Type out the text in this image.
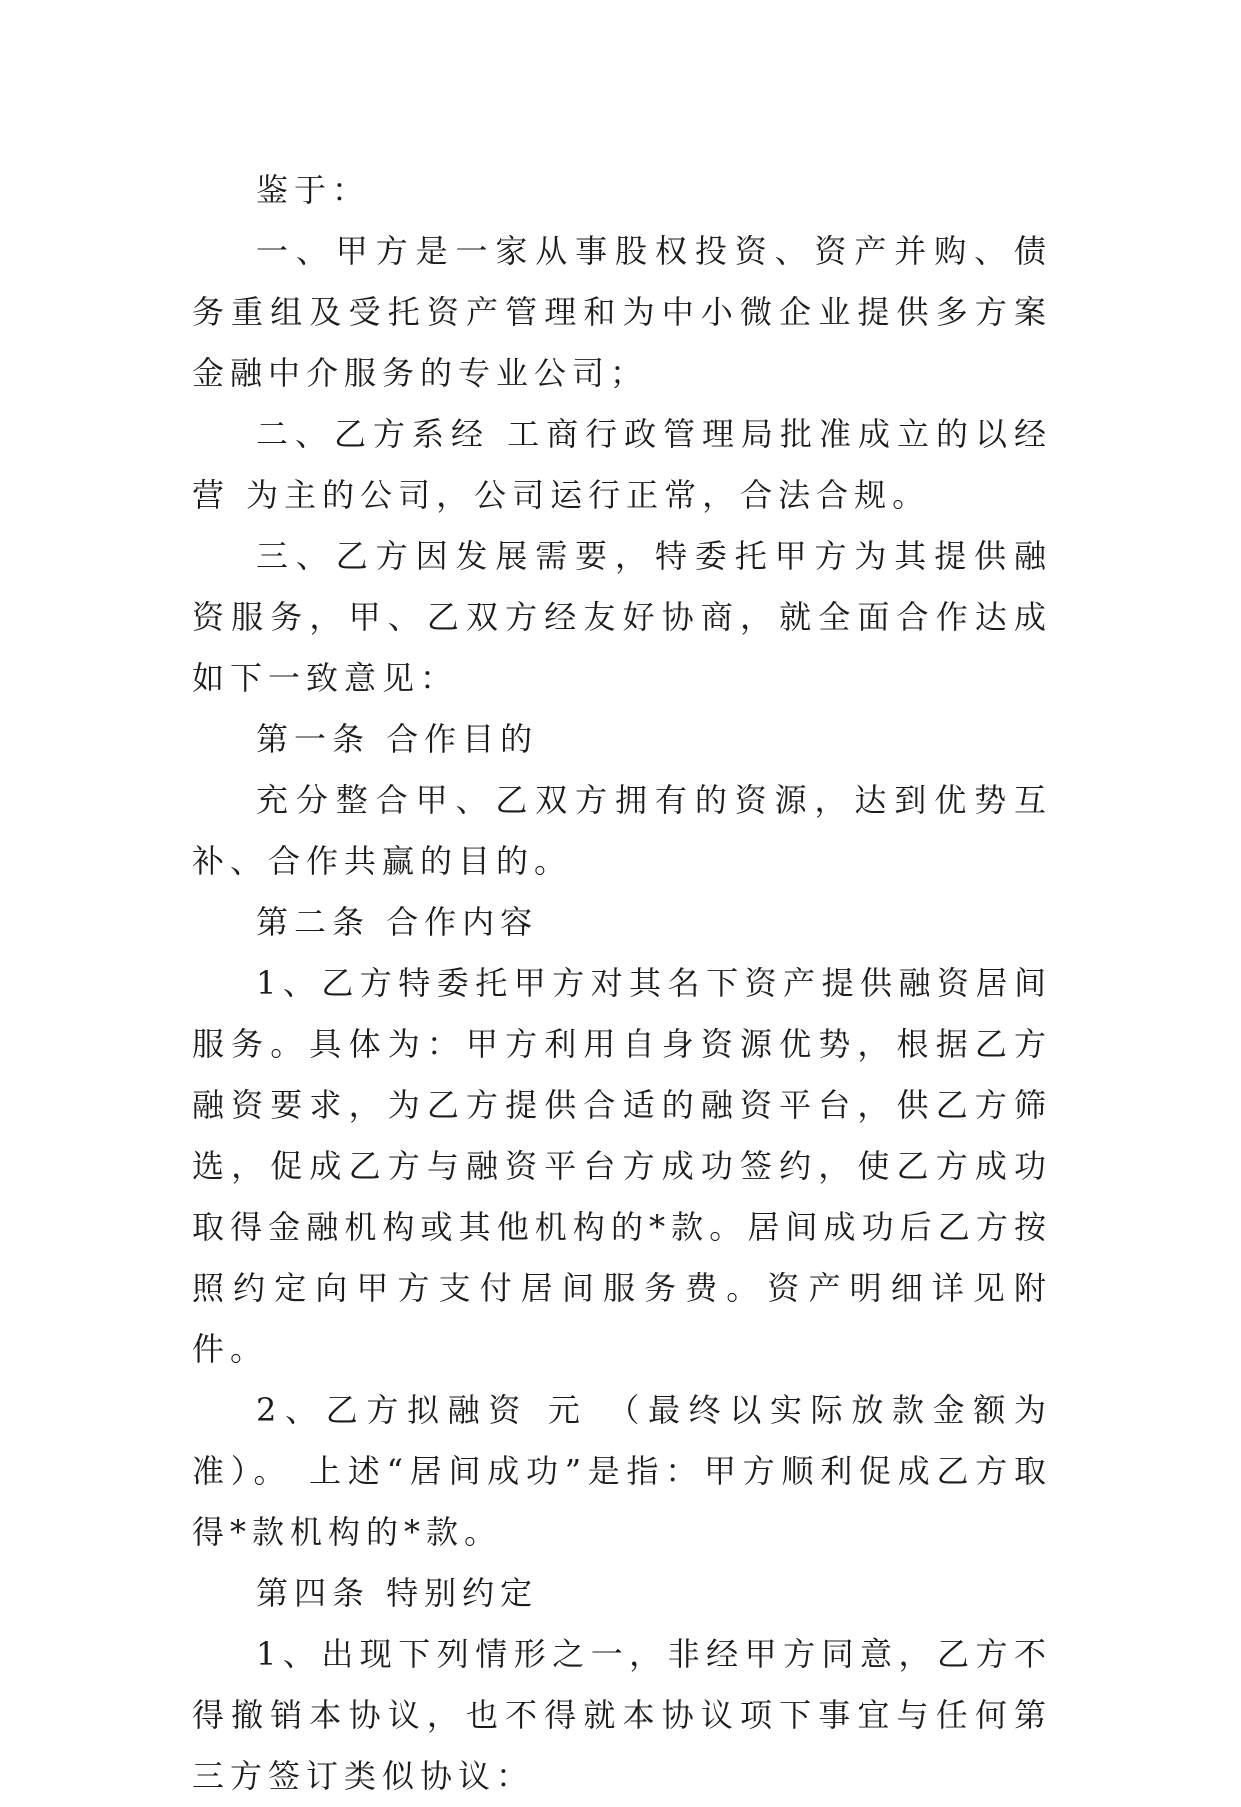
鉴于：

一、甲方是一家从事股权投资、资产并购、债务重组及受托资产管理和为中小微企业提供多方案金融中介服务的专业公司；

二、乙方系经 工商行政管理局批准成立的以经营 为主的公司，公司运行正常，合法合规。

三、乙方因发展需要，特委托甲方为其提供融资服务，甲、乙双方经友好协商，就全面合作达成如下一致意见：

第一条 合作目的

充分整合甲、乙双方拥有的资源，达到优势互补、合作共赢的目的。

第二条 合作内容

1、乙方特委托甲方对其名下资产提供融资居间服务。具体为：甲方利用自身资源优势，根据乙方融资要求，为乙方提供合适的融资平台，供乙方筛选，促成乙方与融资平台方成功签约，使乙方成功取得金融机构或其他机构的*款。居间成功后乙方按照约定向甲方支付居间服务费。资产明细详见附件。

2、乙方拟融资 元 （最终以实际放款金额为准）。 上述“居间成功”是指：甲方顺利促成乙方取得*款机构的*款。

第四条 特别约定

1、出现下列情形之一，非经甲方同意，乙方不得撤销本协议，也不得就本协议项下事宜与任何第三方签订类似协议：
